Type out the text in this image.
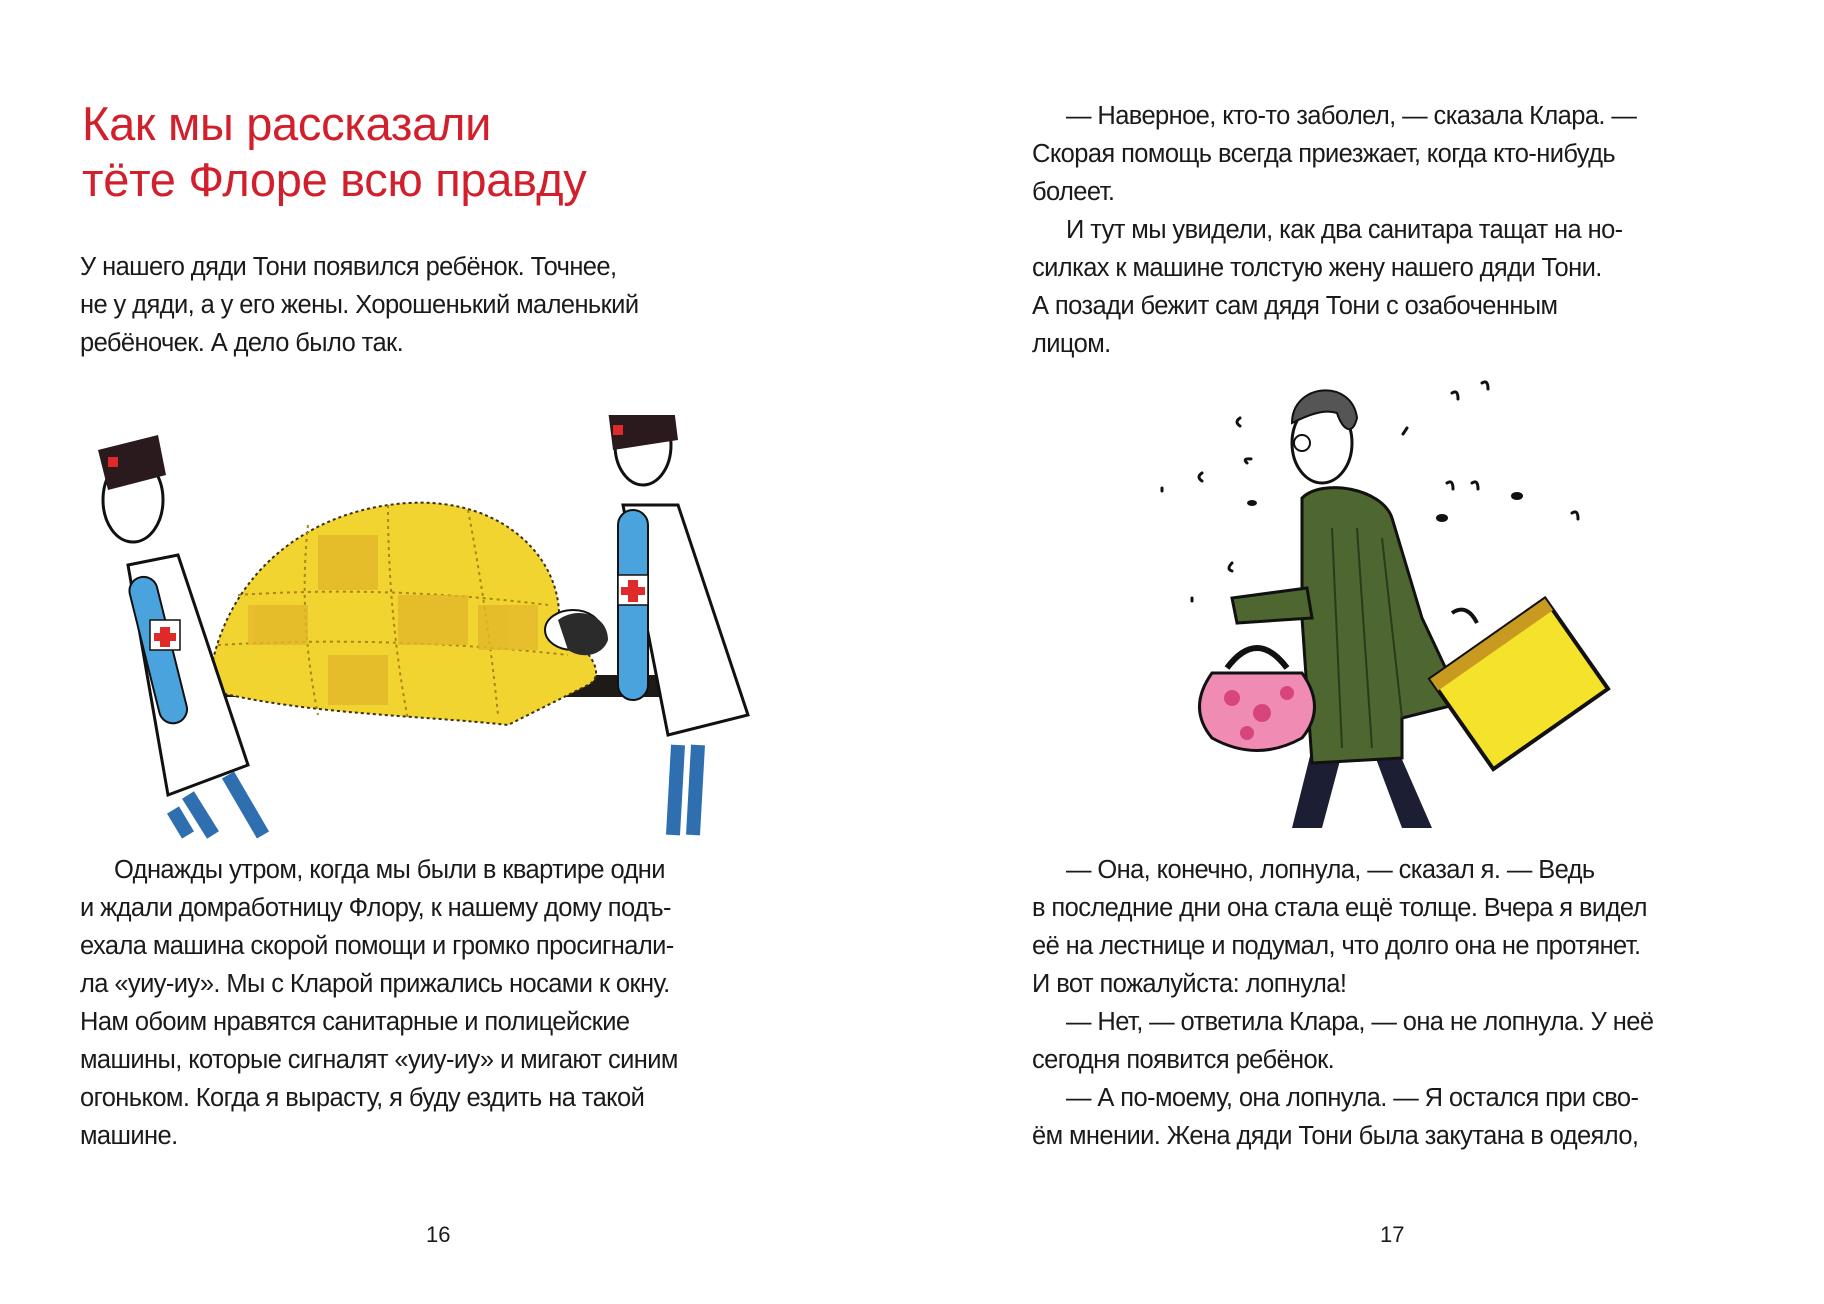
Как мы рассказали
тёте Флоре всю правду
У нашего дяди Тони появился ребёнок. Точнее,
не у дяди, а у его жены. Хорошенький маленький
ребёночек. А дело было так.
Однажды утром, когда мы были в квартире одни
и ждали домработницу Флору, к нашему дому подъ-
ехала машина скорой помощи и громко просигнали-
ла «уиу-иу». Мы с Кларой прижались носами к окну.
Нам обоим нравятся санитарные и полицейские
машины, которые сигналят «уиу-иу» и мигают синим
огоньком. Когда я вырасту, я буду ездить на такой
машине.
16
— Наверное, кто-то заболел, — сказала Клара. —
Скорая помощь всегда приезжает, когда кто-нибудь
болеет.
И тут мы увидели, как два санитара тащат на но-
силках к машине толстую жену нашего дяди Тони.
А позади бежит сам дядя Тони с озабоченным
лицом.
— Она, конечно, лопнула, — сказал я. — Ведь
в последние дни она стала ещё толще. Вчера я видел
её на лестнице и подумал, что долго она не протянет.
И вот пожалуйста: лопнула!
— Нет, — ответила Клара, — она не лопнула. У неё
сегодня появится ребёнок.
— А по-моему, она лопнула. — Я остался при сво-
ём мнении. Жена дяди Тони была закутана в одеяло,
17
